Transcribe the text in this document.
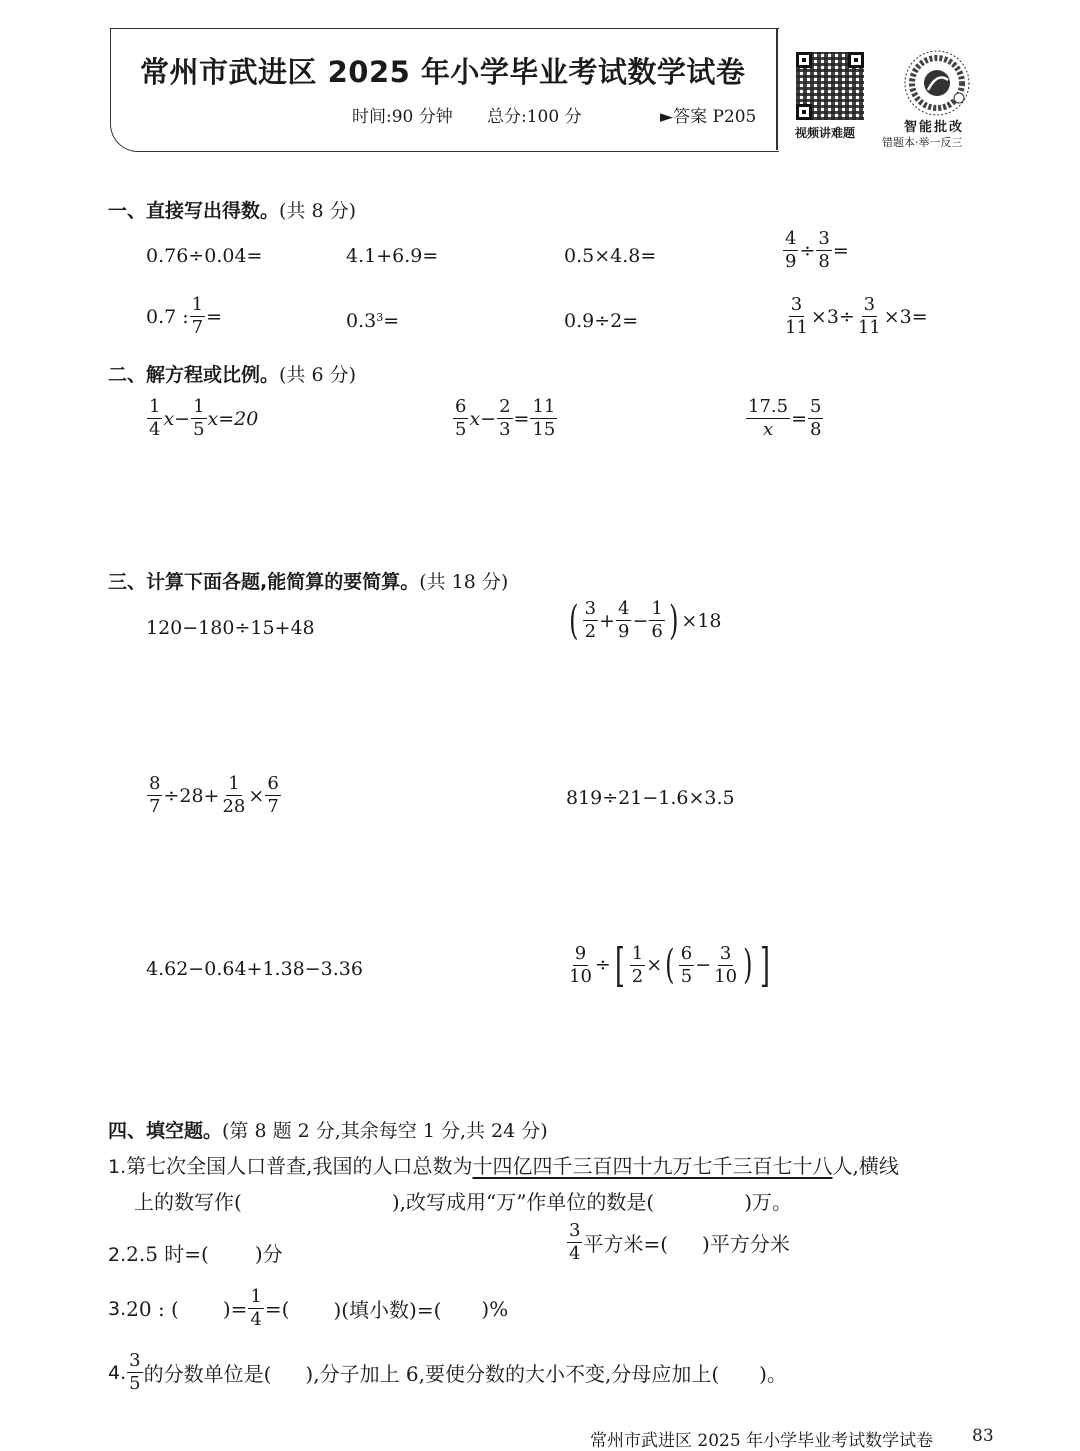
常州市武进区 2025 年小学毕业考试数学试卷
时间:90 分钟 总分:100 分	►答案 P205
视频讲难题	智能批改
错题本·举一反三
一、直接写出得数。(共 8 分)
0.76÷0.04=	4.1+6.9=	0.5×4.8=	$\frac{4}{9} \div \frac{3}{8}$ =
0.7 : $\frac{1}{7}$ =	$0.3^3$ =	0.9÷2=	$\frac{3}{11} \times 3\div \frac{3}{11} \times 3=$
二、解方程或比例。(共 6 分)
$\frac{1}{4} x- \frac{1}{5} x=20$	$\frac{6}{5} x- \frac{2}{3} = \frac{11}{15}$	$\frac{17.5}{x} = \frac{5}{8}$
三、计算下面各题,能简算的要简算。(共 18 分)
120−180÷15+48	( $\frac{3}{2} + \frac{4}{9} - \frac{1}{6}$ ) ×18
$\frac{8}{7} \div 28+ \frac{1}{28} \times \frac{6}{7}$	819÷21−1.6×3.5
4.62−0.64+1.38−3.36	$\frac{9}{10}$ ÷ [ $\frac{1}{2}$ × ( $\frac{6}{5} - \frac{3}{10}$ ) ]
四、填空题。(第 8 题 2 分,其余每空 1 分,共 24 分)
1.第七次全国人口普查,我国的人口总数为十四亿四千三百四十九万七千三百七十八人,横线
上的数写作(	),改写成用“万”作单位的数是(	)万。
2.2.5 时=( )分	$\frac{3}{4}$ 平方米=( )平方分米
3. 20 : ( )= $\frac{1}{4}$ =( )(填小数)=( )%
4. $\frac{3}{5}$ 的分数单位是( ),分子加上 6,要使分数的大小不变,分母应加上( )。
常州市武进区 2025 年小学毕业考试数学试卷 83
